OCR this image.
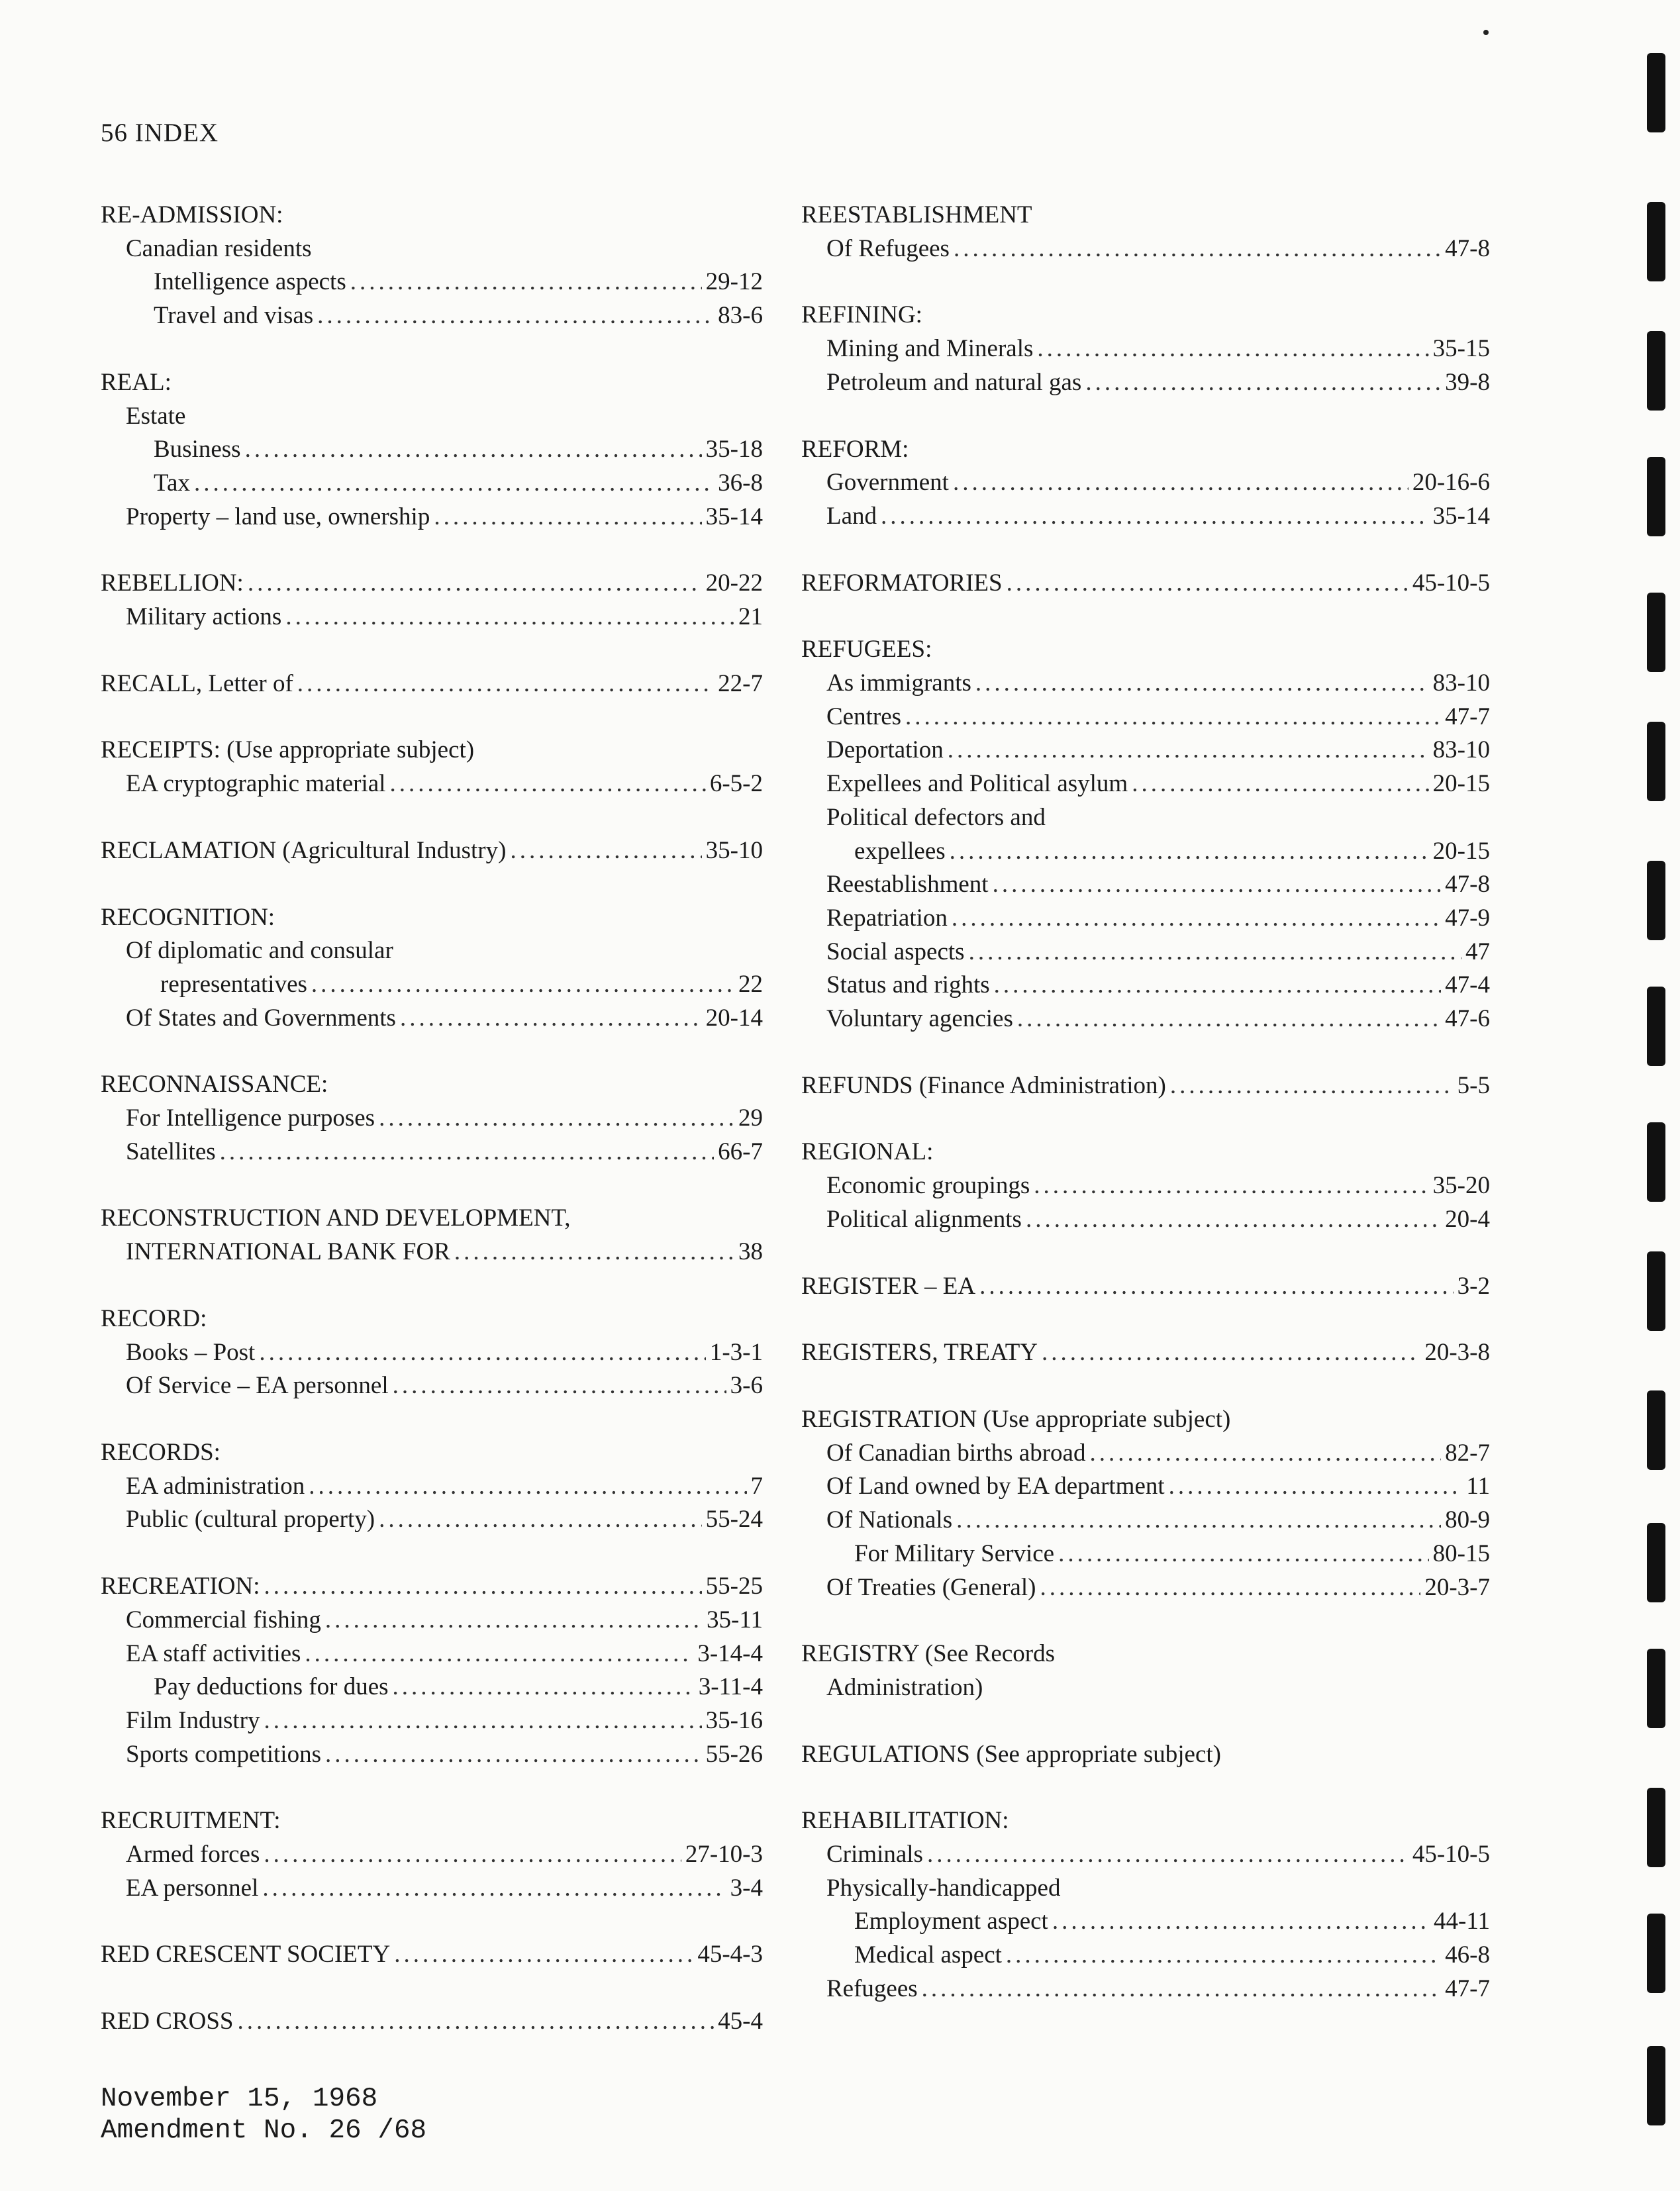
56 INDEX
RE-ADMISSION:
Canadian residents
Intelligence aspects .....	29-12
Travel and visas .....	83-6
REAL:
Estate
Business .....	35-18
Tax .....	36-8
Property – land use, ownership .....	35-14
REBELLION: .....	20-22
Military actions .....	21
RECALL, Letter of .....	22-7
RECEIPTS: (Use appropriate subject)
EA cryptographic material .....	6-5-2
RECLAMATION (Agricultural Industry) .....	35-10
RECOGNITION:
Of diplomatic and consular
representatives .....	22
Of States and Governments .....	20-14
RECONNAISSANCE:
For Intelligence purposes .....	29
Satellites .....	66-7
RECONSTRUCTION AND DEVELOPMENT,
INTERNATIONAL BANK FOR .....	38
RECORD:
Books – Post .....	1-3-1
Of Service – EA personnel .....	3-6
RECORDS:
EA administration .....	7
Public (cultural property) .....	55-24
RECREATION: .....	55-25
Commercial fishing .....	35-11
EA staff activities .....	3-14-4
Pay deductions for dues .....	3-11-4
Film Industry .....	35-16
Sports competitions .....	55-26
RECRUITMENT:
Armed forces .....	27-10-3
EA personnel .....	3-4
RED CRESCENT SOCIETY .....	45-4-3
RED CROSS .....	45-4
REESTABLISHMENT
Of Refugees .....	47-8
REFINING:
Mining and Minerals .....	35-15
Petroleum and natural gas .....	39-8
REFORM:
Government .....	20-16-6
Land .....	35-14
REFORMATORIES .....	45-10-5
REFUGEES:
As immigrants .....	83-10
Centres .....	47-7
Deportation .....	83-10
Expellees and Political asylum .....	20-15
Political defectors and
expellees .....	20-15
Reestablishment .....	47-8
Repatriation .....	47-9
Social aspects .....	47
Status and rights .....	47-4
Voluntary agencies .....	47-6
REFUNDS (Finance Administration) .....	5-5
REGIONAL:
Economic groupings .....	35-20
Political alignments .....	20-4
REGISTER – EA .....	3-2
REGISTERS, TREATY .....	20-3-8
REGISTRATION (Use appropriate subject)
Of Canadian births abroad .....	82-7
Of Land owned by EA department .....	11
Of Nationals .....	80-9
For Military Service .....	80-15
Of Treaties (General) .....	20-3-7
REGISTRY (See Records
Administration)
REGULATIONS (See appropriate subject)
REHABILITATION:
Criminals .....	45-10-5
Physically-handicapped
Employment aspect .....	44-11
Medical aspect .....	46-8
Refugees .....	47-7
November 15, 1968
Amendment No. 26 /68
